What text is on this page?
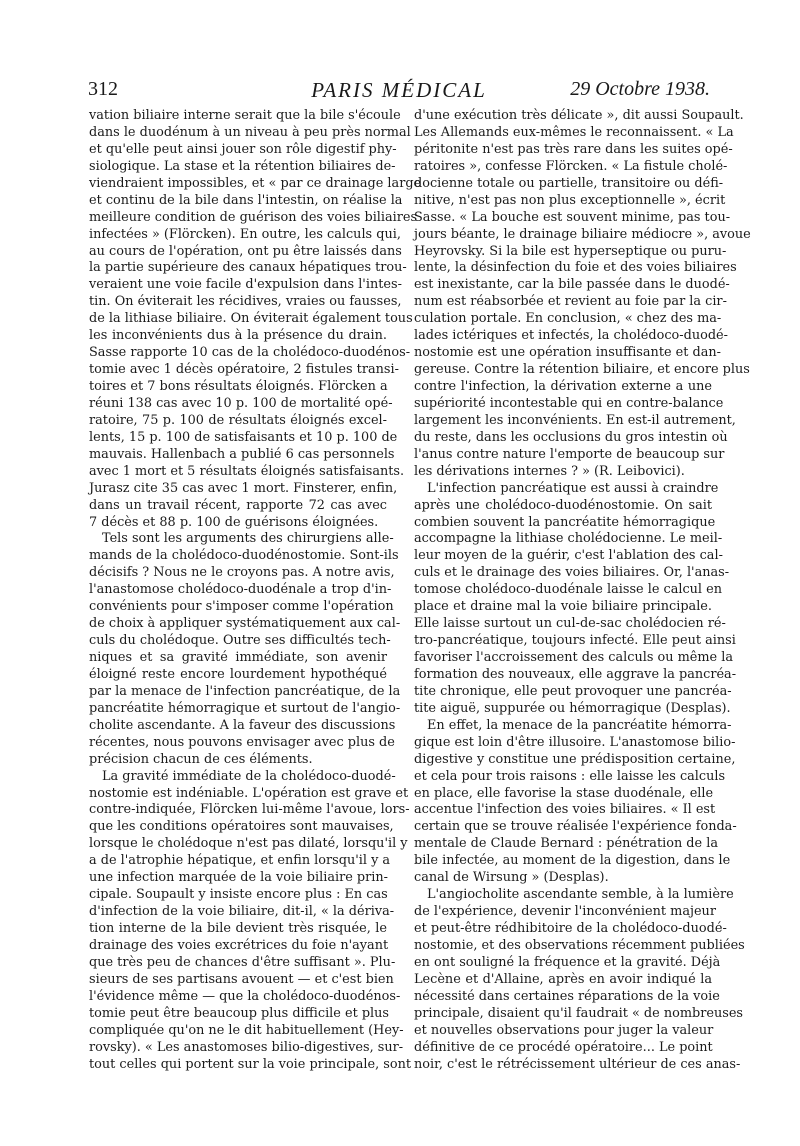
312	PARIS MÉDICAL	29 Octobre 1938.
vation biliaire interne serait que la bile s'écoule
dans le duodénum à un niveau à peu près normal
et qu'elle peut ainsi jouer son rôle digestif phy-
siologique. La stase et la rétention biliaires de-
viendraient impossibles, et « par ce drainage large
et continu de la bile dans l'intestin, on réalise la
meilleure condition de guérison des voies biliaires
infectées » (Flörcken). En outre, les calculs qui,
au cours de l'opération, ont pu être laissés dans
la partie supérieure des canaux hépatiques trou-
veraient une voie facile d'expulsion dans l'intes-
tin. On éviterait les récidives, vraies ou fausses,
de la lithiase biliaire. On éviterait également tous
les inconvénients dus à la présence du drain.
Sasse rapporte 10 cas de la cholédoco-duodénos-
tomie avec 1 décès opératoire, 2 fistules transi-
toires et 7 bons résultats éloignés. Flörcken a
réuni 138 cas avec 10 p. 100 de mortalité opé-
ratoire, 75 p. 100 de résultats éloignés excel-
lents, 15 p. 100 de satisfaisants et 10 p. 100 de
mauvais. Hallenbach a publié 6 cas personnels
avec 1 mort et 5 résultats éloignés satisfaisants.
Jurasz cite 35 cas avec 1 mort. Finsterer, enfin,
dans un travail récent, rapporte 72 cas avec
7 décès et 88 p. 100 de guérisons éloignées.
Tels sont les arguments des chirurgiens alle-
mands de la cholédoco-duodénostomie. Sont-ils
décisifs ? Nous ne le croyons pas. A notre avis,
l'anastomose cholédoco-duodénale a trop d'in-
convénients pour s'imposer comme l'opération
de choix à appliquer systématiquement aux cal-
culs du cholédoque. Outre ses difficultés tech-
niques et sa gravité immédiate, son avenir
éloigné reste encore lourdement hypothéqué
par la menace de l'infection pancréatique, de la
pancréatite hémorragique et surtout de l'angio-
cholite ascendante. A la faveur des discussions
récentes, nous pouvons envisager avec plus de
précision chacun de ces éléments.
La gravité immédiate de la cholédoco-duodé-
nostomie est indéniable. L'opération est grave et
contre-indiquée, Flörcken lui-même l'avoue, lors-
que les conditions opératoires sont mauvaises,
lorsque le cholédoque n'est pas dilaté, lorsqu'il y
a de l'atrophie hépatique, et enfin lorsqu'il y a
une infection marquée de la voie biliaire prin-
cipale. Soupault y insiste encore plus : En cas
d'infection de la voie biliaire, dit-il, « la dériva-
tion interne de la bile devient très risquée, le
drainage des voies excrétrices du foie n'ayant
que très peu de chances d'être suffisant ». Plu-
sieurs de ses partisans avouent — et c'est bien
l'évidence même — que la cholédoco-duodénos-
tomie peut être beaucoup plus difficile et plus
compliquée qu'on ne le dit habituellement (Hey-
rovsky). « Les anastomoses bilio-digestives, sur-
tout celles qui portent sur la voie principale, sont
d'une exécution très délicate », dit aussi Soupault.
Les Allemands eux-mêmes le reconnaissent. « La
péritonite n'est pas très rare dans les suites opé-
ratoires », confesse Flörcken. « La fistule cholé-
docienne totale ou partielle, transitoire ou défi-
nitive, n'est pas non plus exceptionnelle », écrit
Sasse. « La bouche est souvent minime, pas tou-
jours béante, le drainage biliaire médiocre », avoue
Heyrovsky. Si la bile est hyperseptique ou puru-
lente, la désinfection du foie et des voies biliaires
est inexistante, car la bile passée dans le duodé-
num est réabsorbée et revient au foie par la cir-
culation portale. En conclusion, « chez des ma-
lades ictériques et infectés, la cholédoco-duodé-
nostomie est une opération insuffisante et dan-
gereuse. Contre la rétention biliaire, et encore plus
contre l'infection, la dérivation externe a une
supériorité incontestable qui en contre-balance
largement les inconvénients. En est-il autrement,
du reste, dans les occlusions du gros intestin où
l'anus contre nature l'emporte de beaucoup sur
les dérivations internes ? » (R. Leibovici).
L'infection pancréatique est aussi à craindre
après une cholédoco-duodénostomie. On sait
combien souvent la pancréatite hémorragique
accompagne la lithiase cholédocienne. Le meil-
leur moyen de la guérir, c'est l'ablation des cal-
culs et le drainage des voies biliaires. Or, l'anas-
tomose cholédoco-duodénale laisse le calcul en
place et draine mal la voie biliaire principale.
Elle laisse surtout un cul-de-sac cholédocien ré-
tro-pancréatique, toujours infecté. Elle peut ainsi
favoriser l'accroissement des calculs ou même la
formation des nouveaux, elle aggrave la pancréa-
tite chronique, elle peut provoquer une pancréa-
tite aiguë, suppurée ou hémorragique (Desplas).
En effet, la menace de la pancréatite hémorra-
gique est loin d'être illusoire. L'anastomose bilio-
digestive y constitue une prédisposition certaine,
et cela pour trois raisons : elle laisse les calculs
en place, elle favorise la stase duodénale, elle
accentue l'infection des voies biliaires. « Il est
certain que se trouve réalisée l'expérience fonda-
mentale de Claude Bernard : pénétration de la
bile infectée, au moment de la digestion, dans le
canal de Wirsung » (Desplas).
L'angiocholite ascendante semble, à la lumière
de l'expérience, devenir l'inconvénient majeur
et peut-être rédhibitoire de la cholédoco-duodé-
nostomie, et des observations récemment publiées
en ont souligné la fréquence et la gravité. Déjà
Lecène et d'Allaine, après en avoir indiqué la
nécessité dans certaines réparations de la voie
principale, disaient qu'il faudrait « de nombreuses
et nouvelles observations pour juger la valeur
définitive de ce procédé opératoire... Le point
noir, c'est le rétrécissement ultérieur de ces anas-
